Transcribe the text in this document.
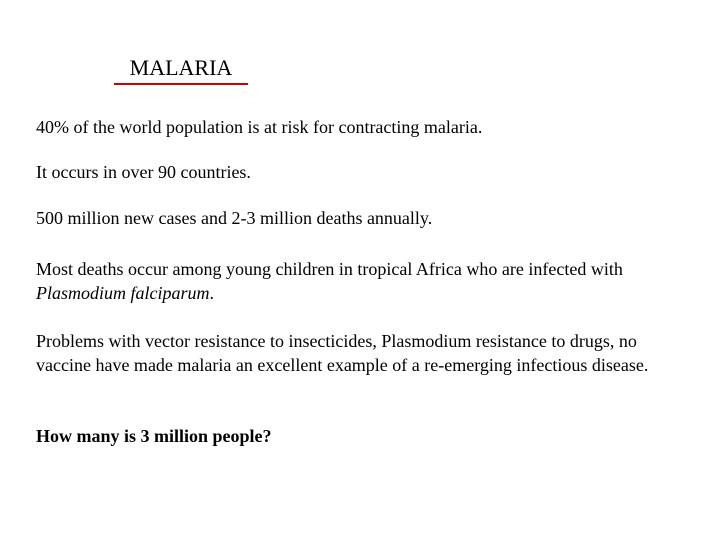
MALARIA

40% of the world population is at risk for contracting malaria.

It occurs in over 90 countries.

500 million new cases and 2-3 million deaths annually.

Most deaths occur among young children in tropical Africa who are infected with Plasmodium falciparum.

Problems with vector resistance to insecticides, Plasmodium resistance to drugs, no vaccine have made malaria an excellent example of a re-emerging infectious disease.

How many is 3 million people?
